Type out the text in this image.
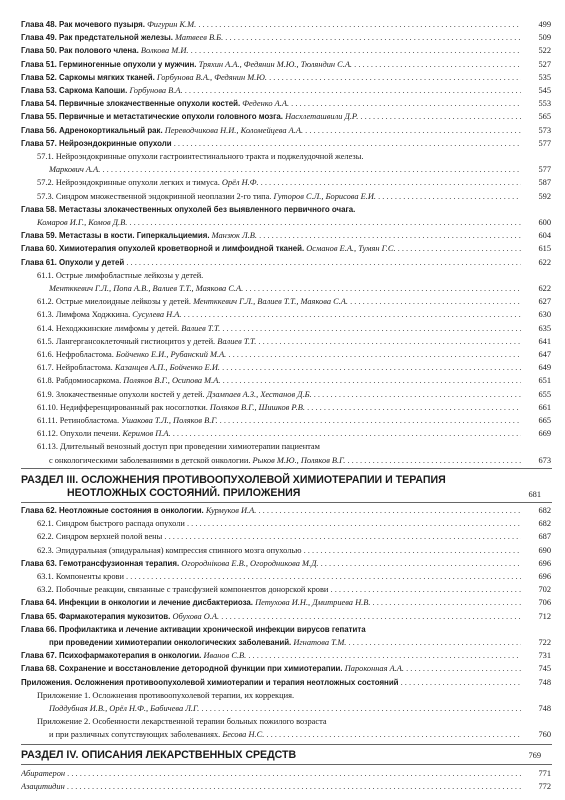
Глава 48. Рак мочевого пузыря. Фигурин К.М. . . .	499
Глава 49. Рак предстательной железы. Матвеев В.Б. . . .	509
Глава 50. Рак полового члена. Волкова М.И. . . .	522
Глава 51. Герминогенные опухоли у мужчин. Тряхин А.А., Федянин М.Ю., Тюляндин С.А. . . .	527
Глава 52. Саркомы мягких тканей. Горбунова В.А., Федянин М.Ю. . . .	535
Глава 53. Саркома Капоши. Горбунова В.А. . . .	545
Глава 54. Первичные злокачественные опухоли костей. Феденко А.А. . . .	553
Глава 55. Первичные и метастатические опухоли головного мозга. Насхлеташвили Д.Р. . . .	565
Глава 56. Адренокортикальный рак. Переводчикова Н.И., Коломейцева А.А. . . .	573
Глава 57. Нейроэндокринные опухоли . . .	577
57.1. Нейроэндокринные опухоли гастроинтестинального тракта и поджелудочной железы.
Маркович А.А. . . .	577
57.2. Нейроэндокринные опухоли легких и тимуса. Орёл Н.Ф. . . .	587
57.3. Синдром множественной эндокринной неоплазии 2-го типа. Гуторов С.Л., Борисова Е.И. . . .	592
Глава 58. Метастазы злокачественных опухолей без выявленного первичного очага.
Комаров И.Г., Комов Д.В. . . .	600
Глава 59. Метастазы в кости. Гиперкальциемия. Манзюк Л.В. . . .	604
Глава 60. Химиотерапия опухолей кроветворной и лимфоидной тканей. Османов Е.А., Тумян Г.С. . . .	615
Глава 61. Опухоли у детей . . .	622
61.1. Острые лимфобластные лейкозы у детей.
Ментккевич Г.Л., Попа А.В., Валиев Т.Т., Маякова С.А. . . .	622
61.2. Острые миелоидные лейкозы у детей. Ментккевич Г.Л., Валиев Т.Т., Маякова С.А. . . .	627
61.3. Лимфома Ходжкина. Сусулева Н.А. . . .	630
61.4. Неходжкинские лимфомы у детей. Валиев Т.Т. . . .	635
61.5. Лангергансоклеточный гистиоцитоз у детей. Валиев Т.Т. . . .	641
61.6. Нефробластома. Бойченко Е.И., Рубанский М.А. . . .	647
61.7. Нейробластома. Казанцев А.П., Бойченко Е.И. . . .	649
61.8. Рабдомиосаркома. Поляков В.Г., Осипова М.А. . . .	651
61.9. Злокачественные опухоли костей у детей. Дзампаев А.З., Хестанов Д.Б. . . .	655
61.10. Недифференцированный рак носоглотки. Поляков В.Г., Шишков Р.В. . . .	661
61.11. Ретинобластома. Ушакова Т.Л., Поляков В.Г. . . .	665
61.12. Опухоли печени. Керимов П.А. . . .	669
61.13. Длительный венозный доступ при проведении химиотерапии пациентам
с онкологическими заболеваниями в детской онкологии. Рыков М.Ю., Поляков В.Г. . . .	673
РАЗДЕЛ III. ОСЛОЖНЕНИЯ ПРОТИВООПУХОЛЕВОЙ ХИМИОТЕРАПИИ И ТЕРАПИЯ
НЕОТЛОЖНЫХ СОСТОЯНИЙ. ПРИЛОЖЕНИЯ	681
Глава 62. Неотложные состояния в онкологии. Курмуков И.А. . . .	682
62.1. Синдром быстрого распада опухоли . . .	682
62.2. Синдром верхней полой вены . . .	687
62.3. Эпидуральная (эпидуральная) компрессия спинного мозга опухолью . . .	690
Глава 63. Гемотрансфузионная терапия. Огороднікова Е.В., Огородникова М.Д. . . .	696
63.1. Компоненты крови . . .	696
63.2. Побочные реакции, связанные с трансфузией компонентов донорской крови . . .	702
Глава 64. Инфекции в онкологии и лечение дисбактериоза. Петухова И.Н., Дмитриева Н.В. . . .	706
Глава 65. Фармакотерапия мукозитов. Обухова О.А. . . .	712
Глава 66. Профилактика и лечение активации хронической инфекции вирусов гепатита
при проведении химиотерапии онкологических заболеваний. Игнатова Т.М. . . .	722
Глава 67. Психофармакотерапия в онкологии. Иванов С.В. . . .	731
Глава 68. Сохранение и восстановление детородной функции при химиотерапии. Пароконная А.А. . . .	745
Приложения. Осложнения противоопухолевой химиотерапии и терапия неотложных состояний . . .	748
Приложение 1. Осложнения противоопухолевой терапии, их коррекция.
Поддубная И.В., Орёл Н.Ф., Бабичева Л.Г. . . .	748
Приложение 2. Особенности лекарственной терапии больных пожилого возраста
и при различных сопутствующих заболеваниях. Бесова Н.С. . . .	760
РАЗДЕЛ IV. ОПИСАНИЯ ЛЕКАРСТВЕННЫХ СРЕДСТВ	769
Абиратерон . . .	771
Азацитидин . . .	772
